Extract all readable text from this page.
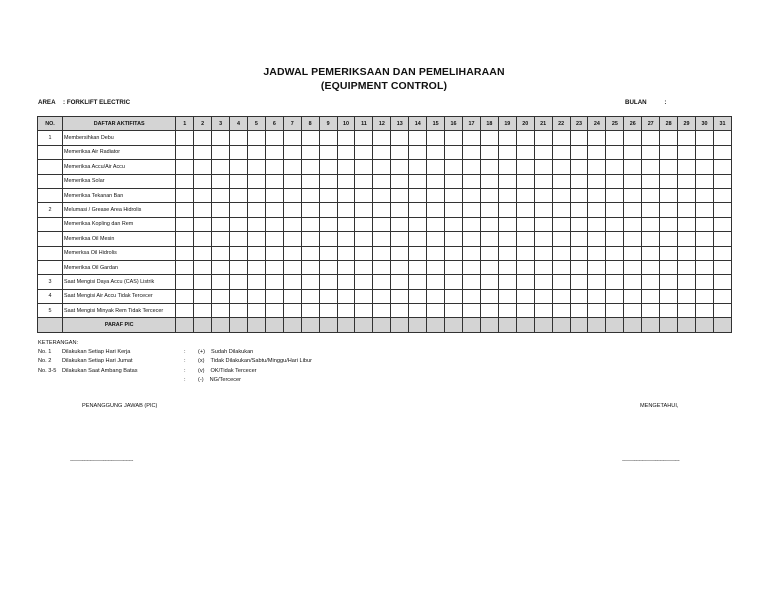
JADWAL PEMERIKSAAN DAN PEMELIHARAAN
(EQUIPMENT CONTROL)
AREA : FORKLIFT ELECTRIC	BULAN	:
NO.	DAFTAR AKTIFITAS	1	2	3	4	5	6	7	8	9	10	11	12	13	14	15	16	17	18	19	20	21	22	23	24	25	26	27	28	29	30	31
1	Membersihkan Debu																															
	Memeriksa Air Radiator																															
	Memeriksa Accu/Air Accu																															
	Memeriksa Solar																															
	Memeriksa Tekanan Ban																															
2	Melumasi / Grease Area Hidrolis																															
	Memeriksa Kopling dan Rem																															
	Memeriksa Oil Mesin																															
	Memerksa Oil Hidrolis																															
	Memeriksa Oil Gardan																															
3	Saat Mengisi Daya Accu (CAS) Listrik																															
4	Saat Mengisi Air Accu Tidak Tercecer																															
5	Saat Mengisi Minyak Rem Tidak Tercecer																															
	PARAF PIC																															
KETERANGAN:
No. 1 Dilakukan Setiap Hari Kerja	: (+) Sudah Dilakukan
No. 2 Dilakukan Setiap Hari Jumat	: (x) Tidak Dilakukan/Sabtu/Minggu/Hari Libur
No. 3-5 Dilakukan Saat Ambang Batas	: (v) OK/Tidak Tercecer
: (-) NG/Tercecer
PENANGGUNG JAWAB (PIC)	MENGETAHUI,
..................................................................	............................................................
